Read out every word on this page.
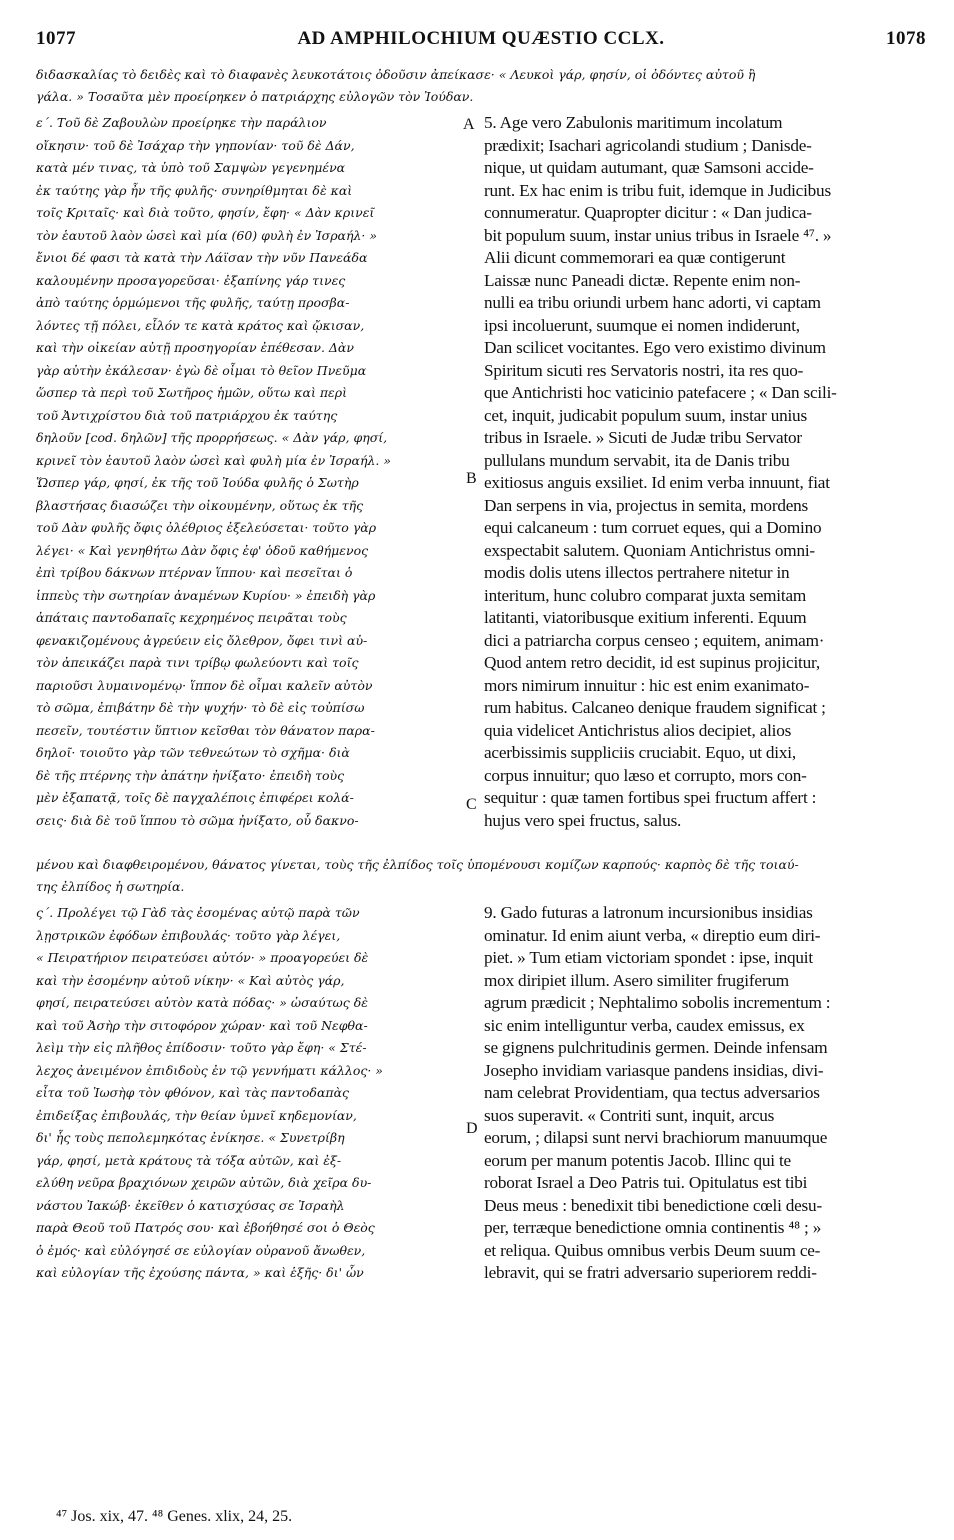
1077	AD AMPHILOCHIUM QUÆSTIO CCLX.	1078
διδασκαλίας τὸ δειδὲς καὶ τὸ διαφανὲς λευκοτάτοις ὀδοῦσιν ἀπείκασε· « Λευκοὶ γάρ, φησίν, οἱ ὀδόντες αὐτοῦ ἢ
γάλα. » Τοσαῦτα μὲν προείρηκεν ὁ πατριάρχης εὐλογῶν τὸν Ἰούδαν.
ε΄. Τοῦ δὲ Ζαβουλὼν προείρηκε τὴν παράλιον
οἴκησιν· τοῦ δὲ Ἰσάχαρ τὴν γηπονίαν· τοῦ δὲ Δάν,
κατὰ μέν τινας, τὰ ὑπὸ τοῦ Σαμψὼν γεγενημένα
ἐκ ταύτης γὰρ ἦν τῆς φυλῆς· συνηρίθμηται δὲ καὶ
τοῖς Κριταῖς· καὶ διὰ τοῦτο, φησίν, ἔφη· « Δὰν κρινεῖ
τὸν ἑαυτοῦ λαὸν ὡσεὶ καὶ μία (60) φυλὴ ἐν Ἰσραήλ· »
ἔνιοι δέ φασι τὰ κατὰ τὴν Λάϊσαν τὴν νῦν Πανεάδα
καλουμένην προσαγορεῦσαι· ἐξαπίνης γάρ τινες
ἀπὸ ταύτης ὁρμώμενοι τῆς φυλῆς, ταύτῃ προσβα-
λόντες τῇ πόλει, εἷλόν τε κατὰ κράτος καὶ ᾤκισαν,
καὶ τὴν οἰκείαν αὐτῇ προσηγορίαν ἐπέθεσαν. Δὰν
γὰρ αὐτὴν ἐκάλεσαν· ἐγὼ δὲ οἶμαι τὸ θεῖον Πνεῦμα
ὥσπερ τὰ περὶ τοῦ Σωτῆρος ἡμῶν, οὕτω καὶ περὶ
τοῦ Ἀντιχρίστου διὰ τοῦ πατριάρχου ἐκ ταύτης
δηλοῦν [cod. δηλῶν] τῆς προρρήσεως. « Δὰν γάρ, φησί,
κρινεῖ τὸν ἑαυτοῦ λαὸν ὡσεὶ καὶ φυλὴ μία ἐν Ἰσραήλ. »
Ὥσπερ γάρ, φησί, ἐκ τῆς τοῦ Ἰούδα φυλῆς ὁ Σωτὴρ
βλαστήσας διασώζει τὴν οἰκουμένην, οὕτως ἐκ τῆς
τοῦ Δὰν φυλῆς ὄφις ὀλέθριος ἐξελεύσεται· τοῦτο γὰρ
λέγει· « Καὶ γενηθήτω Δὰν ὄφις ἐφ' ὁδοῦ καθήμενος
ἐπὶ τρίβου δάκνων πτέρναν ἵππου· καὶ πεσεῖται ὁ
ἱππεὺς τὴν σωτηρίαν ἀναμένων Κυρίου· » ἐπειδὴ γὰρ
ἀπάταις παντοδαπαῖς κεχρημένος πειρᾶται τοὺς
φενακιζομένους ἀγρεύειν εἰς ὄλεθρον, ὄφει τινὶ αὐ-
τὸν ἀπεικάζει παρὰ τινι τρίβῳ φωλεύοντι καὶ τοῖς
παριοῦσι λυμαινομένῳ· ἵππον δὲ οἶμαι καλεῖν αὐτὸν
τὸ σῶμα, ἐπιβάτην δὲ τὴν ψυχήν· τὸ δὲ εἰς τοὐπίσω
πεσεῖν, τουτέστιν ὕπτιον κεῖσθαι τὸν θάνατον παρα-
δηλοῖ· τοιοῦτο γὰρ τῶν τεθνεώτων τὸ σχῆμα· διὰ
δὲ τῆς πτέρνης τὴν ἀπάτην ἠνίξατο· ἐπειδὴ τοὺς
μὲν ἐξαπατᾷ, τοῖς δὲ παγχαλέποις ἐπιφέρει κολά-
σεις· διὰ δὲ τοῦ ἵππου τὸ σῶμα ἠνίξατο, οὗ δακνο-
5. Age vero Zabulonis maritimum incolatum
prædixit; Isachari agricolandi studium ; Danisde-
nique, ut quidam autumant, quæ Samsoni accide-
runt. Ex hac enim is tribu fuit, idemque in Judicibus
connumeratur. Quapropter dicitur : « Dan judica-
bit populum suum, instar unius tribus in Israele ⁴⁷. »
Alii dicunt commemorari ea quæ contigerunt
Laissæ nunc Paneadi dictæ. Repente enim non-
nulli ea tribu oriundi urbem hanc adorti, vi captam
ipsi incoluerunt, suumque ei nomen indiderunt,
Dan scilicet vocitantes. Ego vero existimo divinum
Spiritum sicuti res Servatoris nostri, ita res quo-
que Antichristi hoc vaticinio patefacere ; « Dan scili-
cet, inquit, judicabit populum suum, instar unius
tribus in Israele. » Sicuti de Judæ tribu Servator
pullulans mundum servabit, ita de Danis tribu
exitiosus anguis exsiliet. Id enim verba innuunt, fiat
Dan serpens in via, projectus in semita, mordens
equi calcaneum : tum corruet eques, qui a Domino
exspectabit salutem. Quoniam Antichristus omni-
modis dolis utens illectos pertrahere nitetur in
interitum, hunc colubro comparat juxta semitam
latitanti, viatoribusque exitium inferenti. Equum
dici a patriarcha corpus censeo ; equitem, animam·
Quod antem retro decidit, id est supinus projicitur,
mors nimirum innuitur : hic est enim exanimato-
rum habitus. Calcaneo denique fraudem significat ;
quia videlicet Antichristus alios decipiet, alios
acerbissimis suppliciis cruciabit. Equo, ut dixi,
corpus innuitur; quo læso et corrupto, mors con-
sequitur : quæ tamen fortibus spei fructum affert :
hujus vero spei fructus, salus.
A
B
C
D
μένου καὶ διαφθειρομένου, θάνατος γίνεται, τοὺς τῆς ἐλπίδος τοῖς ὑπομένουσι κομίζων καρπούς· καρπὸς δὲ τῆς τοιαύ-
της ἐλπίδος ἡ σωτηρία.
ς΄. Προλέγει τῷ Γὰδ τὰς ἐσομένας αὐτῷ παρὰ τῶν
λῃστρικῶν ἐφόδων ἐπιβουλάς· τοῦτο γὰρ λέγει,
« Πειρατήριον πειρατεύσει αὐτόν· » προαγορεύει δὲ
καὶ τὴν ἐσομένην αὐτοῦ νίκην· « Καὶ αὐτὸς γάρ,
φησί, πειρατεύσει αὐτὸν κατὰ πόδας· » ὡσαύτως δὲ
καὶ τοῦ Ἀσὴρ τὴν σιτοφόρον χώραν· καὶ τοῦ Νεφθα-
λεὶμ τὴν εἰς πλῆθος ἐπίδοσιν· τοῦτο γὰρ ἔφη· « Στέ-
λεχος ἀνειμένον ἐπιδιδοὺς ἐν τῷ γεννήματι κάλλος· »
εἶτα τοῦ Ἰωσὴφ τὸν φθόνον, καὶ τὰς παντοδαπὰς
ἐπιδείξας ἐπιβουλάς, τὴν θείαν ὑμνεῖ κηδεμονίαν,
δι' ἧς τοὺς πεπολεμηκότας ἐνίκησε. « Συνετρίβη
γάρ, φησί, μετὰ κράτους τὰ τόξα αὐτῶν, καὶ ἐξ-
ελύθη νεῦρα βραχιόνων χειρῶν αὐτῶν, διὰ χεῖρα δυ-
νάστου Ἰακώβ· ἐκεῖθεν ὁ κατισχύσας σε Ἰσραὴλ
παρὰ Θεοῦ τοῦ Πατρός σου· καὶ ἐβοήθησέ σοι ὁ Θεὸς
ὁ ἐμός· καὶ εὐλόγησέ σε εὐλογίαν οὐρανοῦ ἄνωθεν,
καὶ εὐλογίαν τῆς ἐχούσης πάντα, » καὶ ἑξῆς· δι' ὧν
9. Gado futuras a latronum incursionibus insidias
ominatur. Id enim aiunt verba, « direptio eum diri-
piet. » Tum etiam victoriam spondet : ipse, inquit
mox diripiet illum. Asero similiter frugiferum
agrum prædicit ; Nephtalimo sobolis incrementum :
sic enim intelliguntur verba, caudex emissus, ex
se gignens pulchritudinis germen. Deinde infensam
Josepho invidiam variasque pandens insidias, divi-
nam celebrat Providentiam, qua tectus adversarios
suos superavit. « Contriti sunt, inquit, arcus
eorum, ; dilapsi sunt nervi brachiorum manuumque
eorum per manum potentis Jacob. Illinc qui te
roborat Israel a Deo Patris tui. Opitulatus est tibi
Deus meus : benedixit tibi benedictione cœli desu-
per, terræque benedictione omnia continentis ⁴⁸ ; »
et reliqua. Quibus omnibus verbis Deum suum ce-
lebravit, qui se fratri adversario superiorem reddi-
⁴⁷ Jos. xix, 47. ⁴⁸ Genes. xlix, 24, 25.
